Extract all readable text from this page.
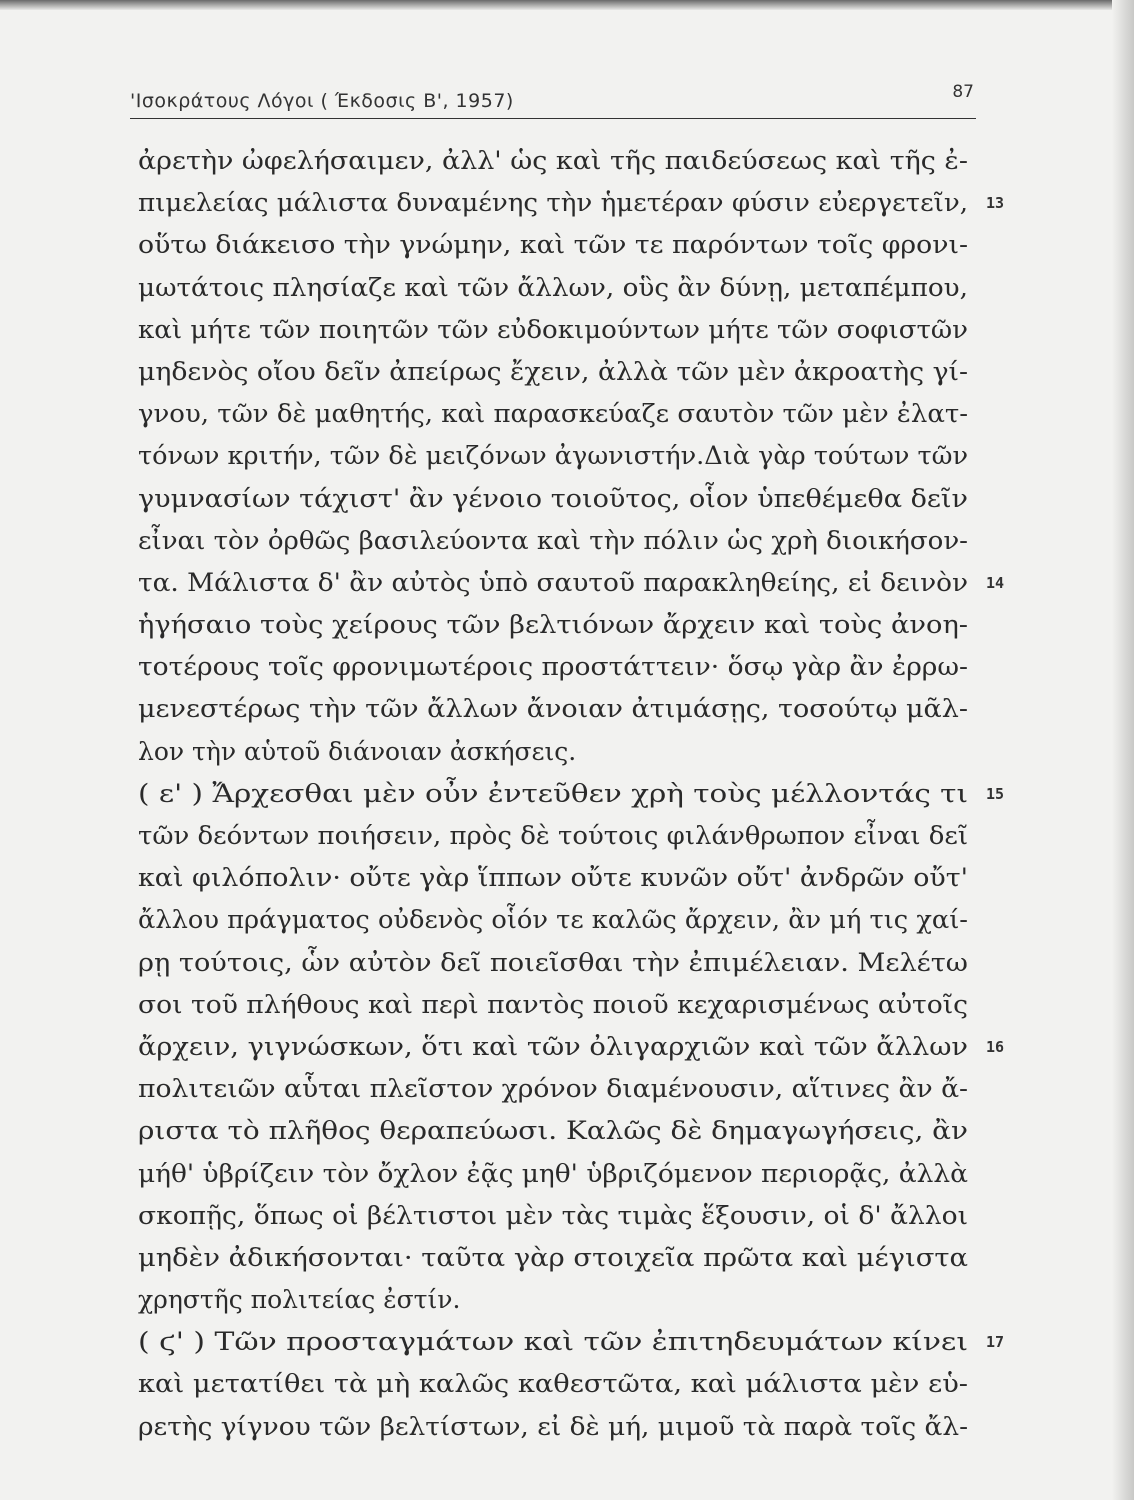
'Ισοκράτους Λόγοι ( Έκδοσις Β', 1957)	87
ἀρετὴν ὠφελήσαιμεν, ἀλλ' ὡς καὶ τῆς παιδεύσεως καὶ τῆς ἐ-
πιμελείας μάλιστα δυναμένης τὴν ἡμετέραν φύσιν εὐεργετεῖν, 13
οὕτω διάκεισο τὴν γνώμην, καὶ τῶν τε παρόντων τοῖς φρονι-
μωτάτοις πλησίαζε καὶ τῶν ἄλλων, οὓς ἂν δύνῃ, μεταπέμπου,
καὶ μήτε τῶν ποιητῶν τῶν εὐδοκιμούντων μήτε τῶν σοφιστῶν
μηδενὸς οἴου δεῖν ἀπείρως ἔχειν, ἀλλὰ τῶν μὲν ἀκροατὴς γί-
γνου, τῶν δὲ μαθητής, καὶ παρασκεύαζε σαυτὸν τῶν μὲν ἐλατ-
τόνων κριτήν, τῶν δὲ μειζόνων ἀγωνιστήν.Διὰ γὰρ τούτων τῶν
γυμνασίων τάχιστ' ἂν γένοιο τοιοῦτος, οἷον ὑπεθέμεθα δεῖν
εἶναι τὸν ὀρθῶς βασιλεύοντα καὶ τὴν πόλιν ὡς χρὴ διοικήσον-
τα. Μάλιστα δ' ἂν αὐτὸς ὑπὸ σαυτοῦ παρακληθείης, εἰ δεινὸν 14
ἡγήσαιο τοὺς χείρους τῶν βελτιόνων ἄρχειν καὶ τοὺς ἀνοη-
τοτέρους τοῖς φρονιμωτέροις προστάττειν· ὅσῳ γὰρ ἂν ἐρρω-
μενεστέρως τὴν τῶν ἄλλων ἄνοιαν ἀτιμάσῃς, τοσούτῳ μᾶλ-
λον τὴν αὑτοῦ διάνοιαν ἀσκήσεις.
( ε' ) Ἄρχεσθαι μὲν οὖν ἐντεῦθεν χρὴ τοὺς μέλλοντάς τι 15
τῶν δεόντων ποιήσειν, πρὸς δὲ τούτοις φιλάνθρωπον εἶναι δεῖ
καὶ φιλόπολιν· οὔτε γὰρ ἵππων οὔτε κυνῶν οὔτ' ἀνδρῶν οὔτ'
ἄλλου πράγματος οὐδενὸς οἷόν τε καλῶς ἄρχειν, ἂν μή τις χαί-
ρῃ τούτοις, ὧν αὐτὸν δεῖ ποιεῖσθαι τὴν ἐπιμέλειαν. Μελέτω
σοι τοῦ πλήθους καὶ περὶ παντὸς ποιοῦ κεχαρισμένως αὐτοῖς
ἄρχειν, γιγνώσκων, ὅτι καὶ τῶν ὀλιγαρχιῶν καὶ τῶν ἄλλων 16
πολιτειῶν αὗται πλεῖστον χρόνον διαμένουσιν, αἵτινες ἂν ἄ-
ριστα τὸ πλῆθος θεραπεύωσι. Καλῶς δὲ δημαγωγήσεις, ἂν
μήθ' ὑβρίζειν τὸν ὄχλον ἐᾷς μηθ' ὑβριζόμενον περιορᾷς, ἀλλὰ
σκοπῇς, ὅπως οἱ βέλτιστοι μὲν τὰς τιμὰς ἕξουσιν, οἱ δ' ἄλλοι
μηδὲν ἀδικήσονται· ταῦτα γὰρ στοιχεῖα πρῶτα καὶ μέγιστα
χρηστῆς πολιτείας ἐστίν.
( ϛ' ) Τῶν προσταγμάτων καὶ τῶν ἐπιτηδευμάτων κίνει 17
καὶ μετατίθει τὰ μὴ καλῶς καθεστῶτα, καὶ μάλιστα μὲν εὑ-
ρετὴς γίγνου τῶν βελτίστων, εἰ δὲ μή, μιμοῦ τὰ παρὰ τοῖς ἄλ-
